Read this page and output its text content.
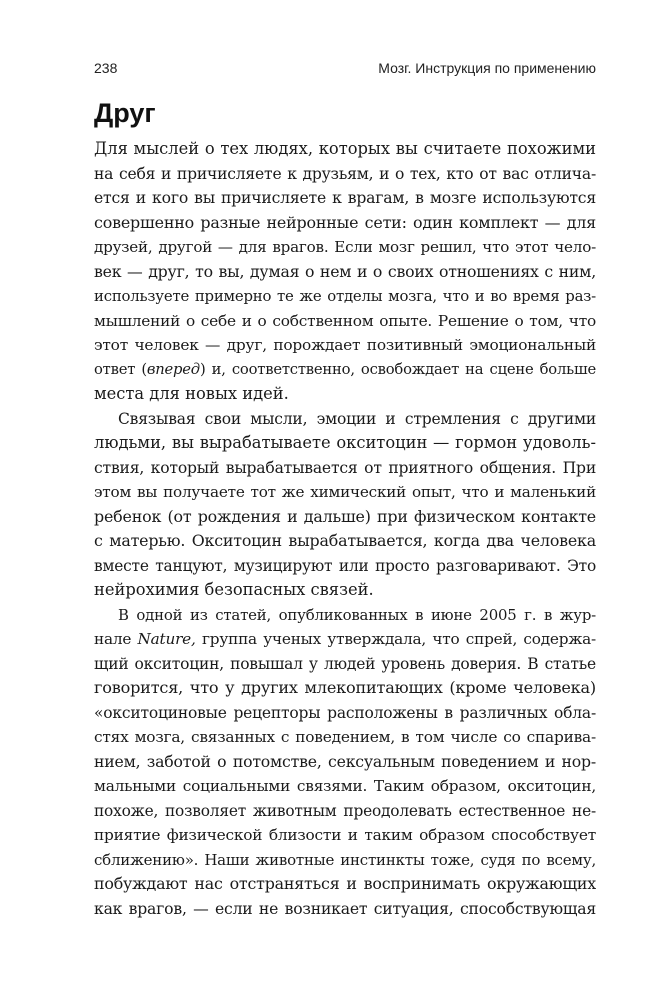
238	Мозг. Инструкция по применению
Друг
Для мыслей о тех людях, которых вы считаете похожими
на себя и причисляете к друзьям, и о тех, кто от вас отлича-
ется и кого вы причисляете к врагам, в мозге используются
совершенно разные нейронные сети: один комплект — для
друзей, другой — для врагов. Если мозг решил, что этот чело-
век — друг, то вы, думая о нем и о своих отношениях с ним,
используете примерно те же отделы мозга, что и во время раз-
мышлений о себе и о собственном опыте. Решение о том, что
этот человек — друг, порождает позитивный эмоциональный
ответ (вперед) и, соответственно, освобождает на сцене больше
места для новых идей.
Связывая свои мысли, эмоции и стремления с другими
людьми, вы вырабатываете окситоцин — гормон удоволь-
ствия, который вырабатывается от приятного общения. При
этом вы получаете тот же химический опыт, что и маленький
ребенок (от рождения и дальше) при физическом контакте
с матерью. Окситоцин вырабатывается, когда два человека
вместе танцуют, музицируют или просто разговаривают. Это
нейрохимия безопасных связей.
В одной из статей, опубликованных в июне 2005 г. в жур-
нале Nature, группа ученых утверждала, что спрей, содержа-
щий окситоцин, повышал у людей уровень доверия. В статье
говорится, что у других млекопитающих (кроме человека)
«окситоциновые рецепторы расположены в различных обла-
стях мозга, связанных с поведением, в том числе со спарива-
нием, заботой о потомстве, сексуальным поведением и нор-
мальными социальными связями. Таким образом, окситоцин,
похоже, позволяет животным преодолевать естественное не-
приятие физической близости и таким образом способствует
сближению». Наши животные инстинкты тоже, судя по всему,
побуждают нас отстраняться и воспринимать окружающих
как врагов, — если не возникает ситуация, способствующая
